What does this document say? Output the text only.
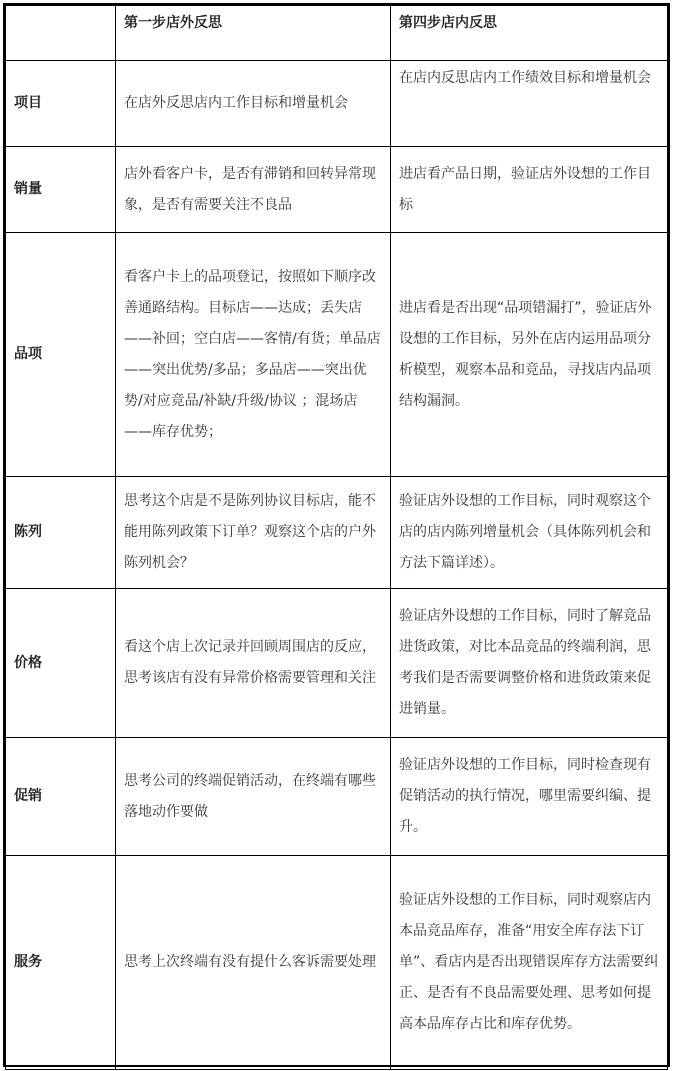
	第一步店外反思	第四步店内反思
项目	在店外反思店内工作目标和增量机会	在店内反思店内工作绩效目标和增量机会
销量	店外看客户卡，是否有滞销和回转异常现象，是否有需要关注不良品	进店看产品日期，验证店外设想的工作目标
品项	看客户卡上的品项登记，按照如下顺序改善通路结构。目标店——达成；丢失店——补回；空白店——客情/有货；单品店——突出优势/多品；多品店——突出优势/对应竞品/补缺/升级/协议 ；混场店——库存优势；	进店看是否出现“品项错漏打”，验证店外设想的工作目标，另外在店内运用品项分析模型，观察本品和竞品，寻找店内品项结构漏洞。
陈列	思考这个店是不是陈列协议目标店，能不能用陈列政策下订单？观察这个店的户外陈列机会？	验证店外设想的工作目标，同时观察这个店的店内陈列增量机会（具体陈列机会和方法下篇详述）。
价格	看这个店上次记录并回顾周围店的反应，思考该店有没有异常价格需要管理和关注	验证店外设想的工作目标，同时了解竞品进货政策，对比本品竞品的终端利润，思考我们是否需要调整价格和进货政策来促进销量。
促销	思考公司的终端促销活动，在终端有哪些落地动作要做	验证店外设想的工作目标，同时检查现有促销活动的执行情况，哪里需要纠编、提升。
服务	思考上次终端有没有提什么客诉需要处理	验证店外设想的工作目标，同时观察店内本品竞品库存，准备“用安全库存法下订单”、看店内是否出现错误库存方法需要纠正、是否有不良品需要处理、思考如何提高本品库存占比和库存优势。
